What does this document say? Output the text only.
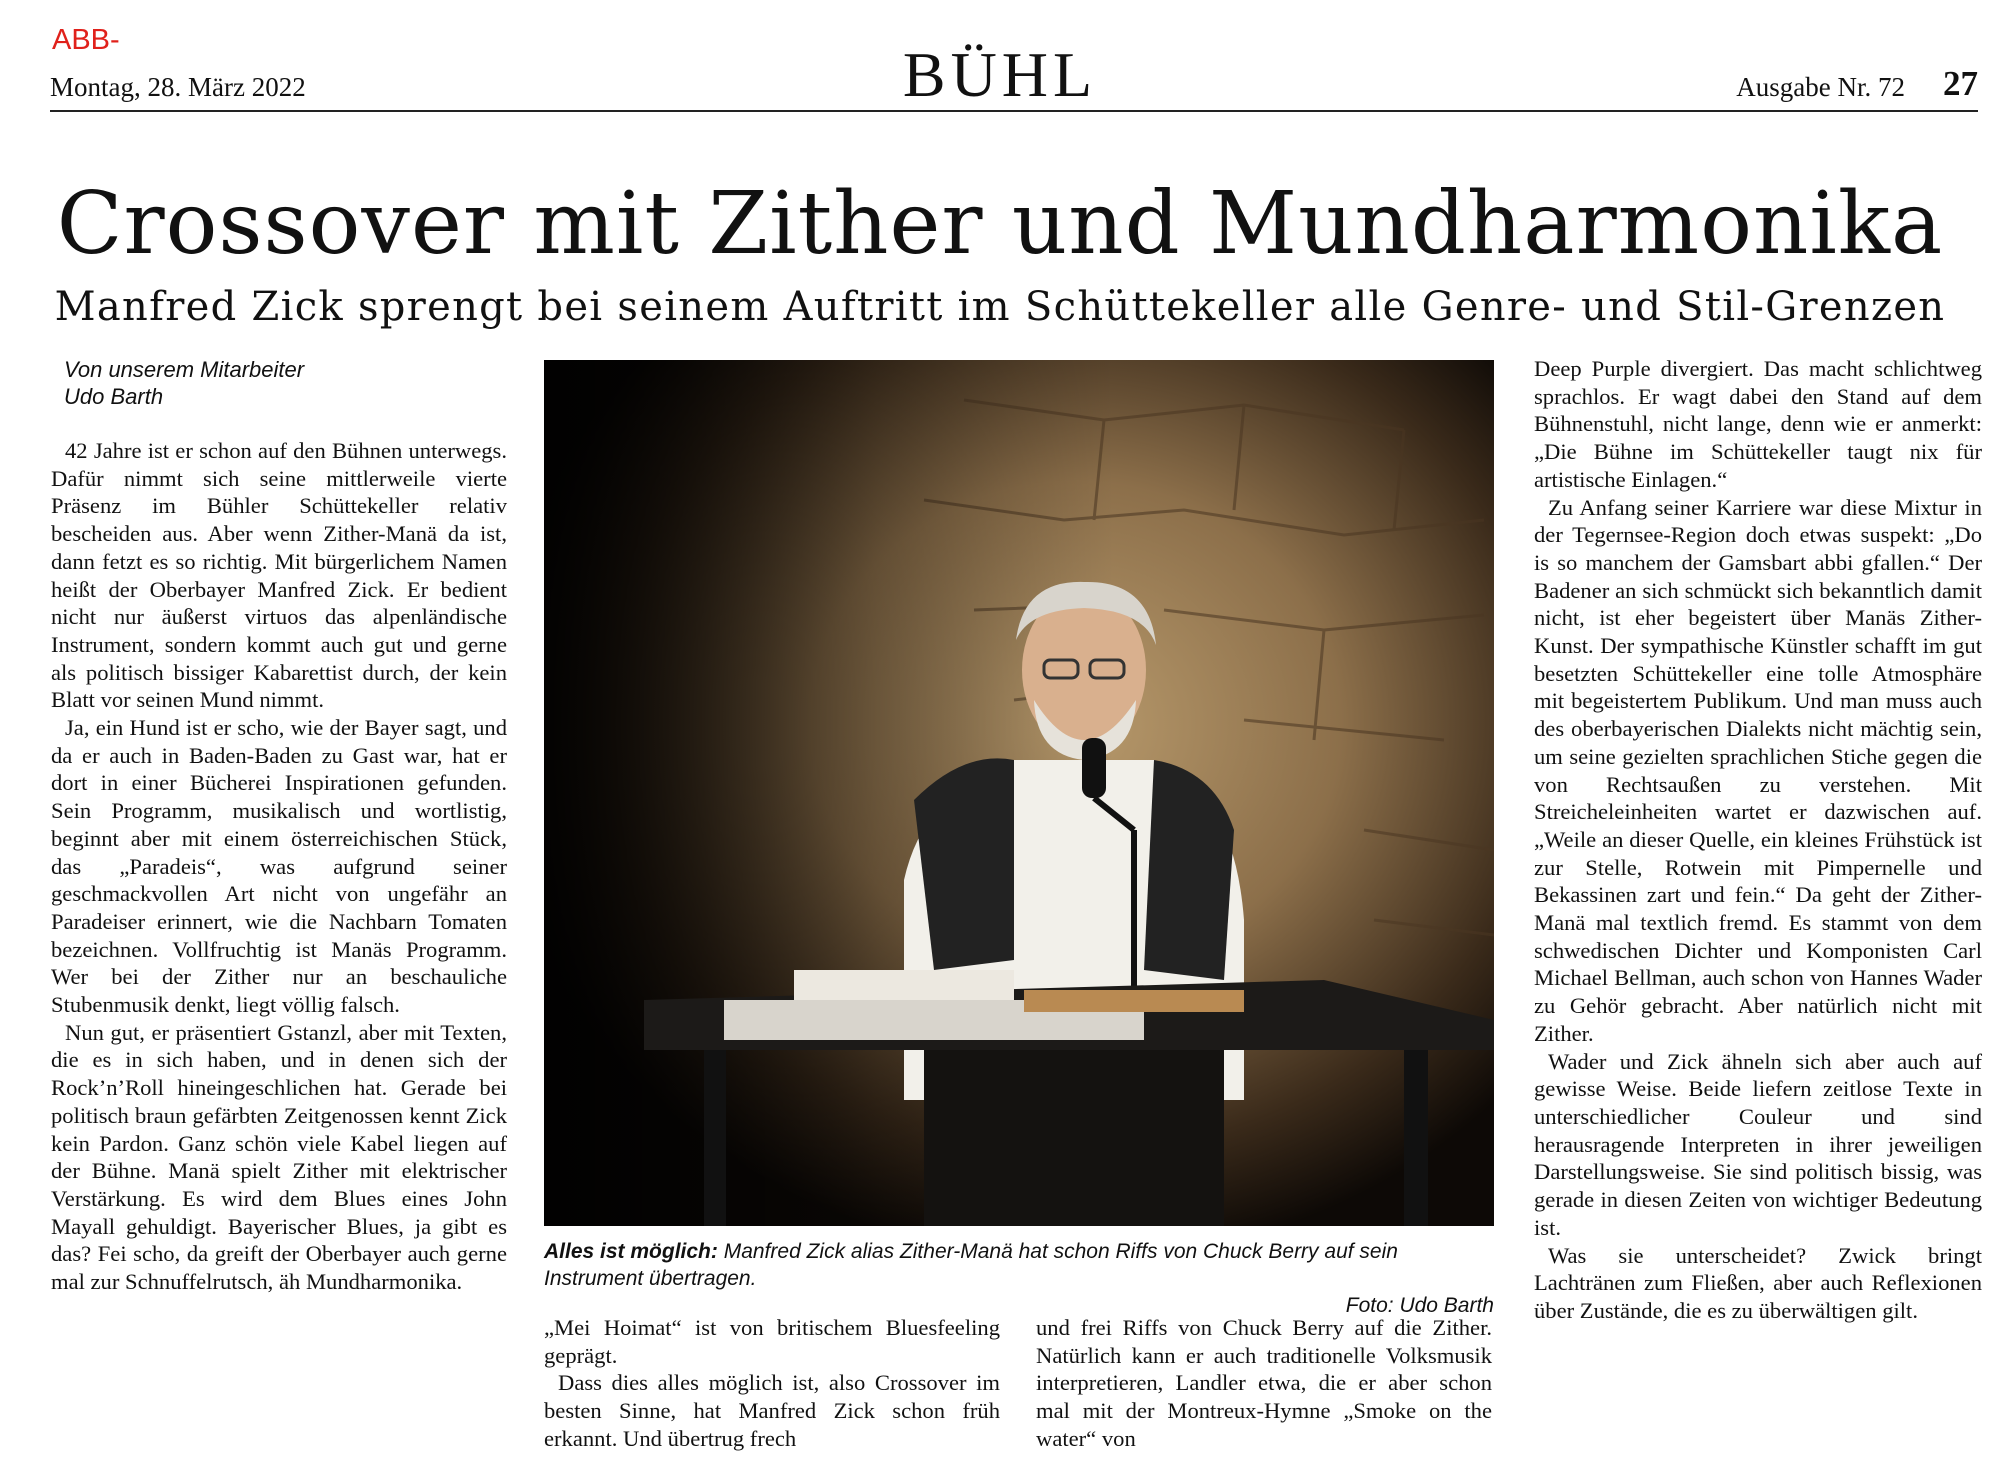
ABB-
Montag, 28. März 2022	BÜHL	Ausgabe Nr. 72 27
Crossover mit Zither und Mundharmonika
Manfred Zick sprengt bei seinem Auftritt im Schüttekeller alle Genre- und Stil-Grenzen
Von unserem Mitarbeiter
Udo Barth

42 Jahre ist er schon auf den Bühnen unterwegs. Dafür nimmt sich seine mittlerweile vierte Präsenz im Bühler Schüttekeller relativ bescheiden aus. Aber wenn Zither-Manä da ist, dann fetzt es so richtig. Mit bürgerlichem Namen heißt der Oberbayer Manfred Zick. Er bedient nicht nur äußerst virtuos das alpenländische Instrument, sondern kommt auch gut und gerne als politisch bissiger Kabarettist durch, der kein Blatt vor seinen Mund nimmt.

Ja, ein Hund ist er scho, wie der Bayer sagt, und da er auch in Baden-Baden zu Gast war, hat er dort in einer Bücherei Inspirationen gefunden. Sein Programm, musikalisch und wortlistig, beginnt aber mit einem österreichischen Stück, das „Paradeis“, was aufgrund seiner geschmackvollen Art nicht von ungefähr an Paradeiser erinnert, wie die Nachbarn Tomaten bezeichnen. Vollfruchtig ist Manäs Programm. Wer bei der Zither nur an beschauliche Stubenmusik denkt, liegt völlig falsch.

Nun gut, er präsentiert Gstanzl, aber mit Texten, die es in sich haben, und in denen sich der Rock’n’Roll hineingeschlichen hat. Gerade bei politisch braun gefärbten Zeitgenossen kennt Zick kein Pardon. Ganz schön viele Kabel liegen auf der Bühne. Manä spielt Zither mit elektrischer Verstärkung. Es wird dem Blues eines John Mayall gehuldigt. Bayerischer Blues, ja gibt es das? Fei scho, da greift der Oberbayer auch gerne mal zur Schnuffelrutsch, äh Mundharmonika.

Alles ist möglich: Manfred Zick alias Zither-Manä hat schon Riffs von Chuck Berry auf sein Instrument übertragen.
Foto: Udo Barth

„Mei Hoimat“ ist von britischem Bluesfeeling geprägt.

Dass dies alles möglich ist, also Crossover im besten Sinne, hat Manfred Zick schon früh erkannt. Und übertrug frech

und frei Riffs von Chuck Berry auf die Zither. Natürlich kann er auch traditionelle Volksmusik interpretieren, Landler etwa, die er aber schon mal mit der Montreux-Hymne „Smoke on the water“ von

Deep Purple divergiert. Das macht schlichtweg sprachlos. Er wagt dabei den Stand auf dem Bühnenstuhl, nicht lange, denn wie er anmerkt: „Die Bühne im Schüttekeller taugt nix für artistische Einlagen.“

Zu Anfang seiner Karriere war diese Mixtur in der Tegernsee-Region doch etwas suspekt: „Do is so manchem der Gamsbart abbi gfallen.“ Der Badener an sich schmückt sich bekanntlich damit nicht, ist eher begeistert über Manäs Zither-Kunst. Der sympathische Künstler schafft im gut besetzten Schüttekeller eine tolle Atmosphäre mit begeistertem Publikum. Und man muss auch des oberbayerischen Dialekts nicht mächtig sein, um seine gezielten sprachlichen Stiche gegen die von Rechtsaußen zu verstehen. Mit Streicheleinheiten wartet er dazwischen auf. „Weile an dieser Quelle, ein kleines Frühstück ist zur Stelle, Rotwein mit Pimpernelle und Bekassinen zart und fein.“ Da geht der Zither-Manä mal textlich fremd. Es stammt von dem schwedischen Dichter und Komponisten Carl Michael Bellman, auch schon von Hannes Wader zu Gehör gebracht. Aber natürlich nicht mit Zither.

Wader und Zick ähneln sich aber auch auf gewisse Weise. Beide liefern zeitlose Texte in unterschiedlicher Couleur und sind herausragende Interpreten in ihrer jeweiligen Darstellungsweise. Sie sind politisch bissig, was gerade in diesen Zeiten von wichtiger Bedeutung ist.

Was sie unterscheidet? Zwick bringt Lachtränen zum Fließen, aber auch Reflexionen über Zustände, die es zu überwältigen gilt.
